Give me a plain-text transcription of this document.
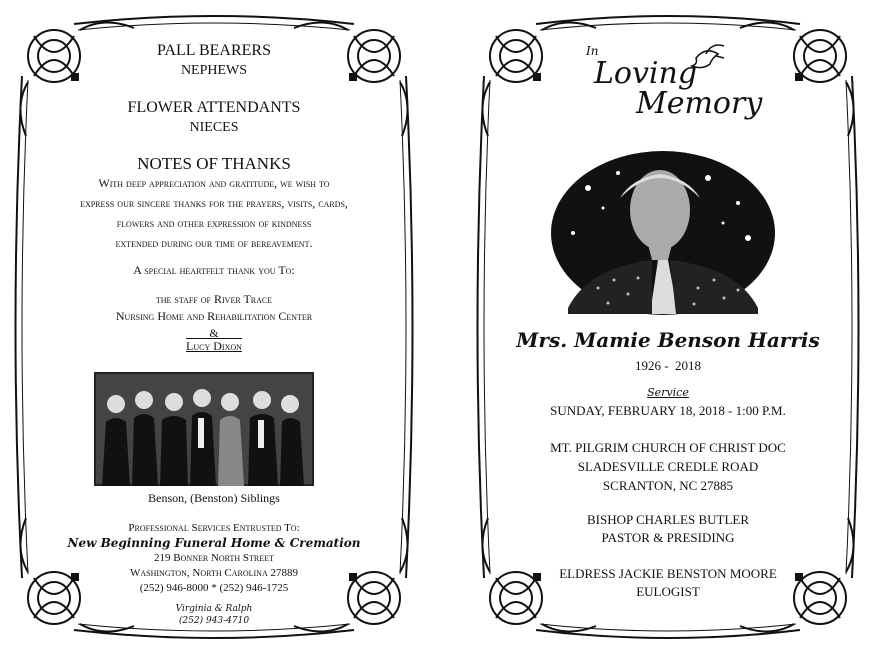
PALL BEARERS

NEPHEWS

FLOWER ATTENDANTS

NIECES

NOTES OF THANKS

With deep appreciation and gratitude, we wish to

express our sincere thanks for the prayers, visits, cards,

flowers and other expression of kindness

extended during our time of bereavement.

A special heartfelt thank you To:

the staff of River Trace

Nursing Home and Rehabilitation Center

&

Lucy Dixon

Benson, (Benston) Siblings

Professional Services Entrusted To:

New Beginning Funeral Home & Cremation

219 Bonner North Street

Washington, North Carolina 27889

(252) 946-8000 * (252) 946-1725

Virginia & Ralph

(252) 943-4710

In
Loving
Memory

Mrs. Mamie Benson Harris

1926 -  2018

Service

SUNDAY, FEBRUARY 18, 2018 - 1:00 P.M.

MT. PILGRIM CHURCH OF CHRIST DOC

SLADESVILLE CREDLE ROAD

SCRANTON, NC 27885

BISHOP CHARLES BUTLER

PASTOR & PRESIDING

ELDRESS JACKIE BENSTON MOORE

EULOGIST
